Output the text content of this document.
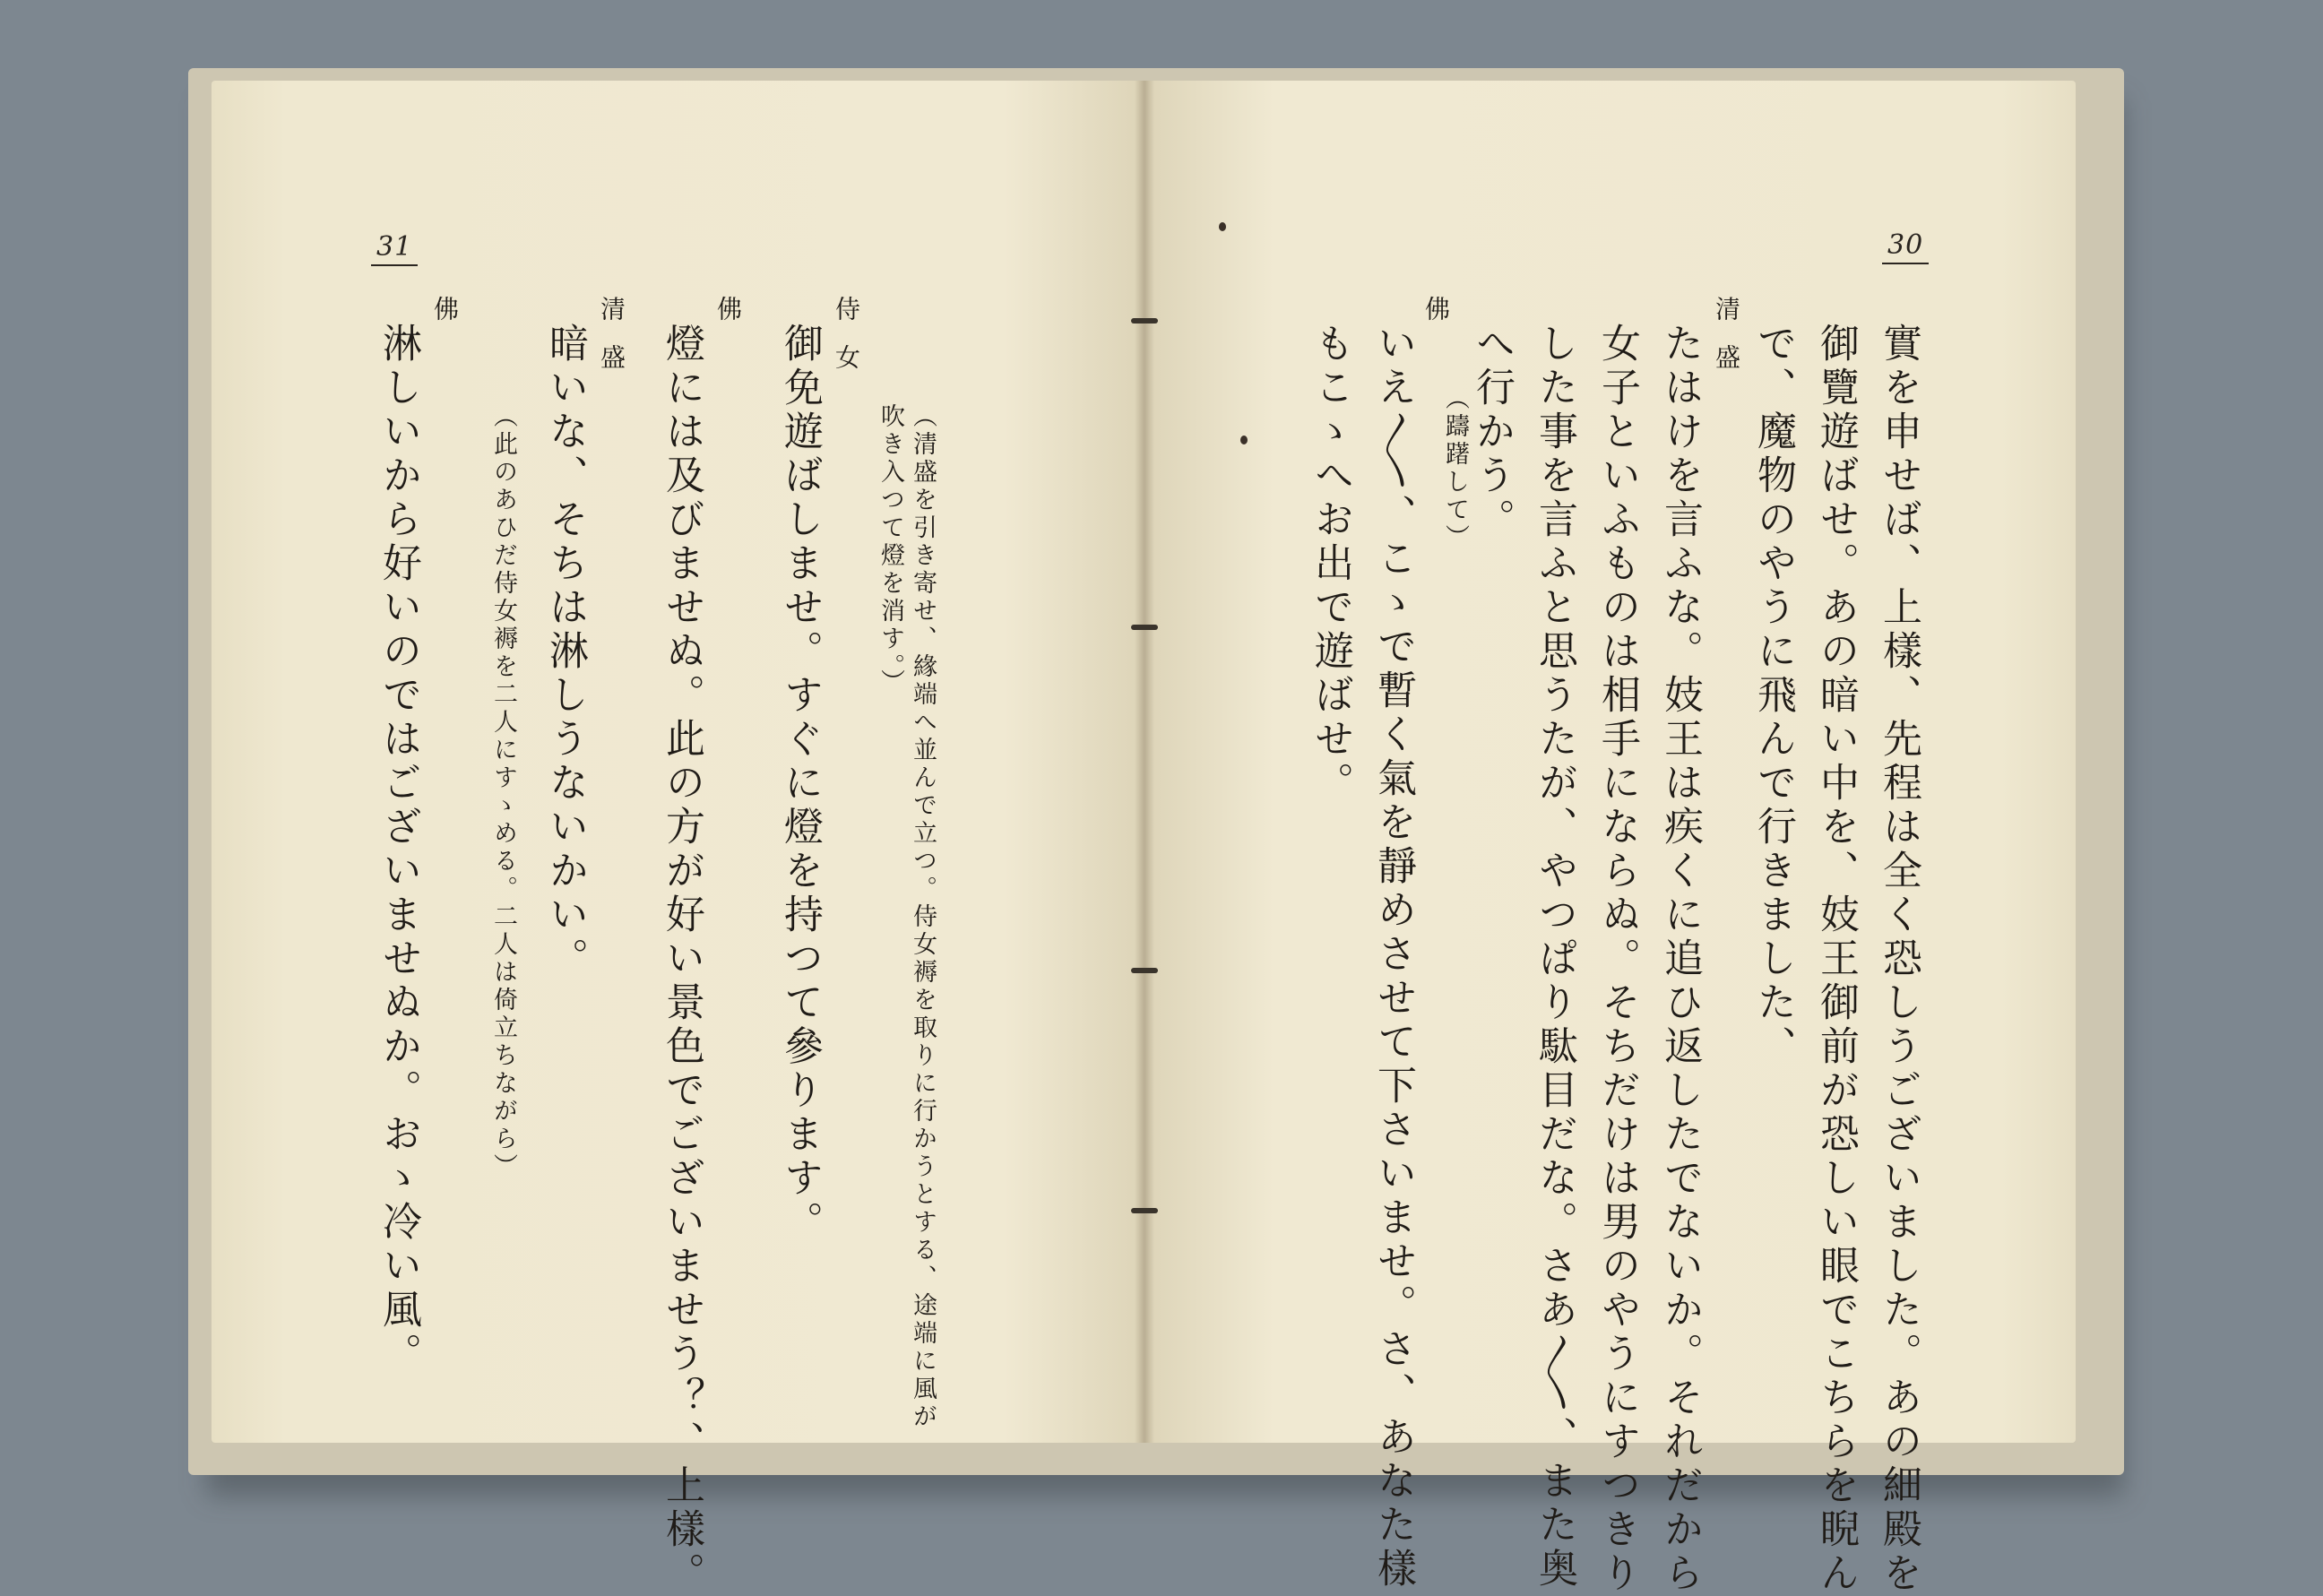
31
（清盛を引き寄せ、緣端へ並んで立つ。侍女褥を取りに行かうとする、途端に風が
吹き入つて燈を消す。）
侍女
御免遊ばしませ。すぐに燈を持つて參ります。
佛
燈には及びませぬ。此の方が好い景色でございませう？、上樣。
清盛
暗いな、そちは淋しうないかい。
（此のあひだ侍女褥を二人にすゝめる。二人は倚立ちながら）
佛
淋しいから好いのではございませぬか。おゝ冷い風。
30
實を申せば、上樣、先程は全く恐しうございました。あの細殿を
御覽遊ばせ。あの暗い中を、妓王御前が恐しい眼でこちらを睨ん
で、魔物のやうに飛んで行きました、
清盛
たはけを言ふな。妓王は疾くに追ひ返したでないか。それだから
女子といふものは相手にならぬ。そちだけは男のやうにすつきり
した事を言ふと思うたが、やつぱり駄目だな。さあ〱、また奥
へ行かう。
佛
（躊躇して）
いえ〱、こゝで暫く氣を靜めさせて下さいませ。さ、あなた樣
もこゝへお出で遊ばせ。
